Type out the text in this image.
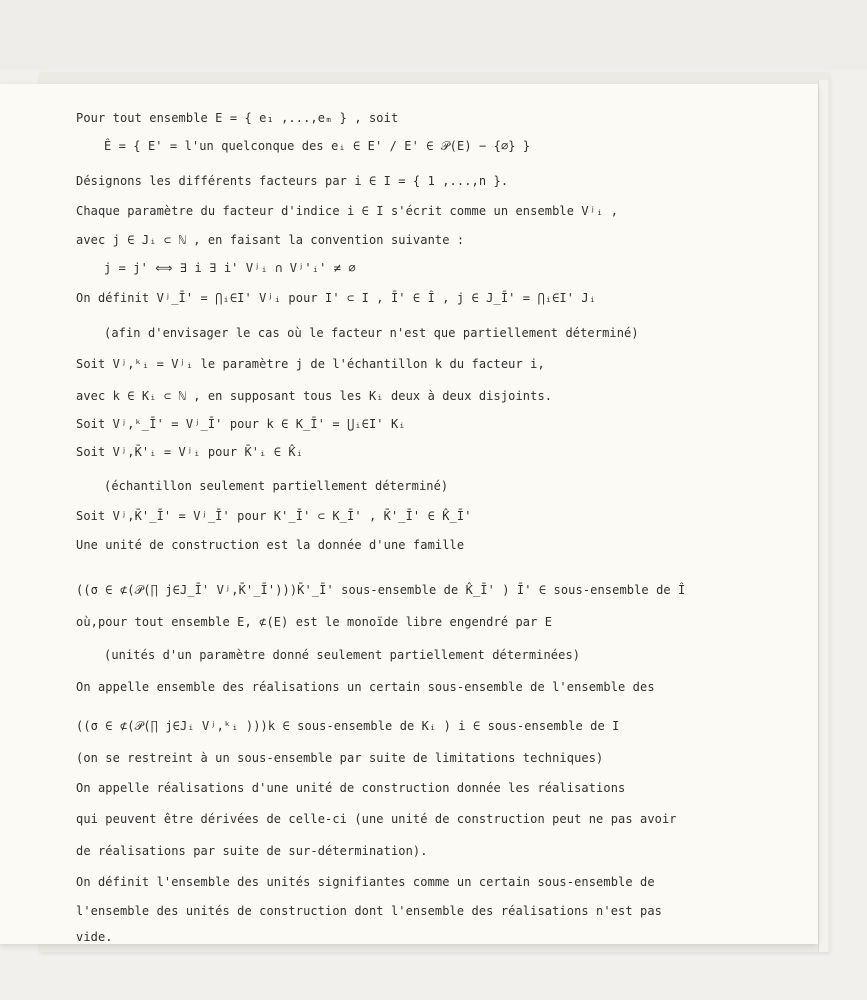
Pour tout ensemble E = { e₁ ,...,eₘ } , soit
Ê = { E' = l'un quelconque des eᵢ ∈ E' / E' ∈ 𝒫(E) − {∅} }
Désignons les différents facteurs par i ∈ I = { 1 ,...,n }.
Chaque paramètre du facteur d'indice i ∈ I s'écrit comme un ensemble Vʲᵢ ,
avec j ∈ Jᵢ ⊂ ℕ , en faisant la convention suivante :
j = j' ⟺ ∃ i ∃ i' Vʲᵢ ∩ Vʲ'ᵢ' ≠ ∅
On définit Vʲ_Ī' = ⋂ᵢ∈I' Vʲᵢ pour I' ⊂ I , Ī' ∈ Î , j ∈ J_Ī' = ⋂ᵢ∈I' Jᵢ
(afin d'envisager le cas où le facteur n'est que partiellement déterminé)
Soit Vʲ,ᵏᵢ = Vʲᵢ le paramètre j de l'échantillon k du facteur i,
avec k ∈ Kᵢ ⊂ ℕ , en supposant tous les Kᵢ deux à deux disjoints.
Soit Vʲ,ᵏ_Ī' = Vʲ_Ī' pour k ∈ K_Ī' = ⋃ᵢ∈I' Kᵢ
Soit Vʲ,K̄'ᵢ = Vʲᵢ pour K̄'ᵢ ∈ K̂ᵢ
(échantillon seulement partiellement déterminé)
Soit Vʲ,K̄'_Ī' = Vʲ_Ī' pour K'_Ī' ⊂ K_Ī' , K̄'_Ī' ∈ K̂_Ī'
Une unité de construction est la donnée d'une famille
((σ ∈ ⊄(𝒫(∏ j∈J_Ī' Vʲ,K̄'_Ī')))K̄'_Ī' sous-ensemble de K̂_Ī' ) Ī' ∈ sous-ensemble de Î
où,pour tout ensemble E, ⊄(E) est le monoïde libre engendré par E
(unités d'un paramètre donné seulement partiellement déterminées)
On appelle ensemble des réalisations un certain sous-ensemble de l'ensemble des
((σ ∈ ⊄(𝒫(∏ j∈Jᵢ Vʲ,ᵏᵢ )))k ∈ sous-ensemble de Kᵢ ) i ∈ sous-ensemble de I
(on se restreint à un sous-ensemble par suite de limitations techniques)
On appelle réalisations d'une unité de construction donnée les réalisations
qui peuvent être dérivées de celle-ci (une unité de construction peut ne pas avoir
de réalisations par suite de sur-détermination).
On définit l'ensemble des unités signifiantes comme un certain sous-ensemble de
l'ensemble des unités de construction dont l'ensemble des réalisations n'est pas
vide.
